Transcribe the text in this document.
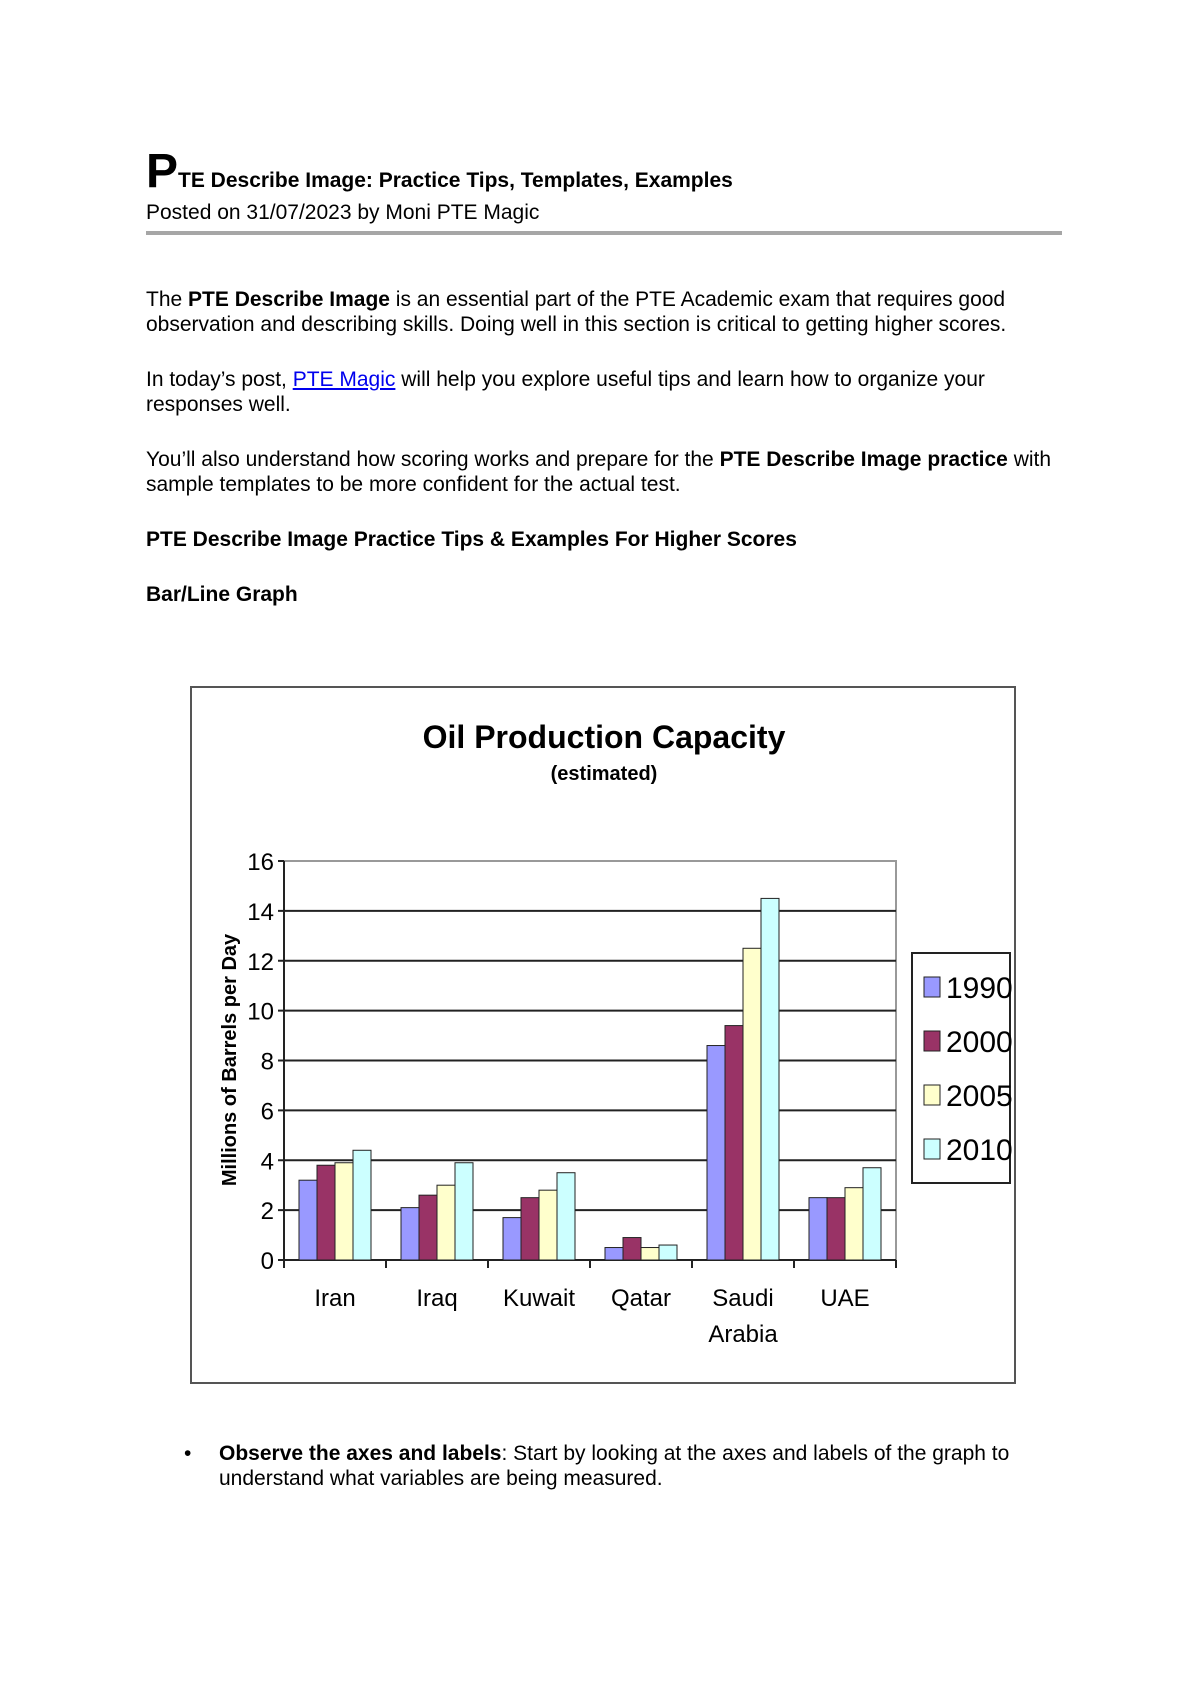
P TE Describe Image: Practice Tips, Templates, Examples
Posted on 31/07/2023 by Moni PTE Magic

The PTE Describe Image is an essential part of the PTE Academic exam that requires good observation and describing skills. Doing well in this section is critical to getting higher scores.

In today’s post, PTE Magic will help you explore useful tips and learn how to organize your responses well.

You’ll also understand how scoring works and prepare for the PTE Describe Image practice with sample templates to be more confident for the actual test.

PTE Describe Image Practice Tips & Examples For Higher Scores

Bar/Line Graph

Oil Production Capacity
(estimated)
0
2
4
6
8
10
12
14
16
Millions of Barrels per Day
Iran	Iraq Kuwait Qatar Saudi
Arabia
UAE
1990
2000
2005
2010
• Observe the axes and labels: Start by looking at the axes and labels of the graph to understand what variables are being measured.
